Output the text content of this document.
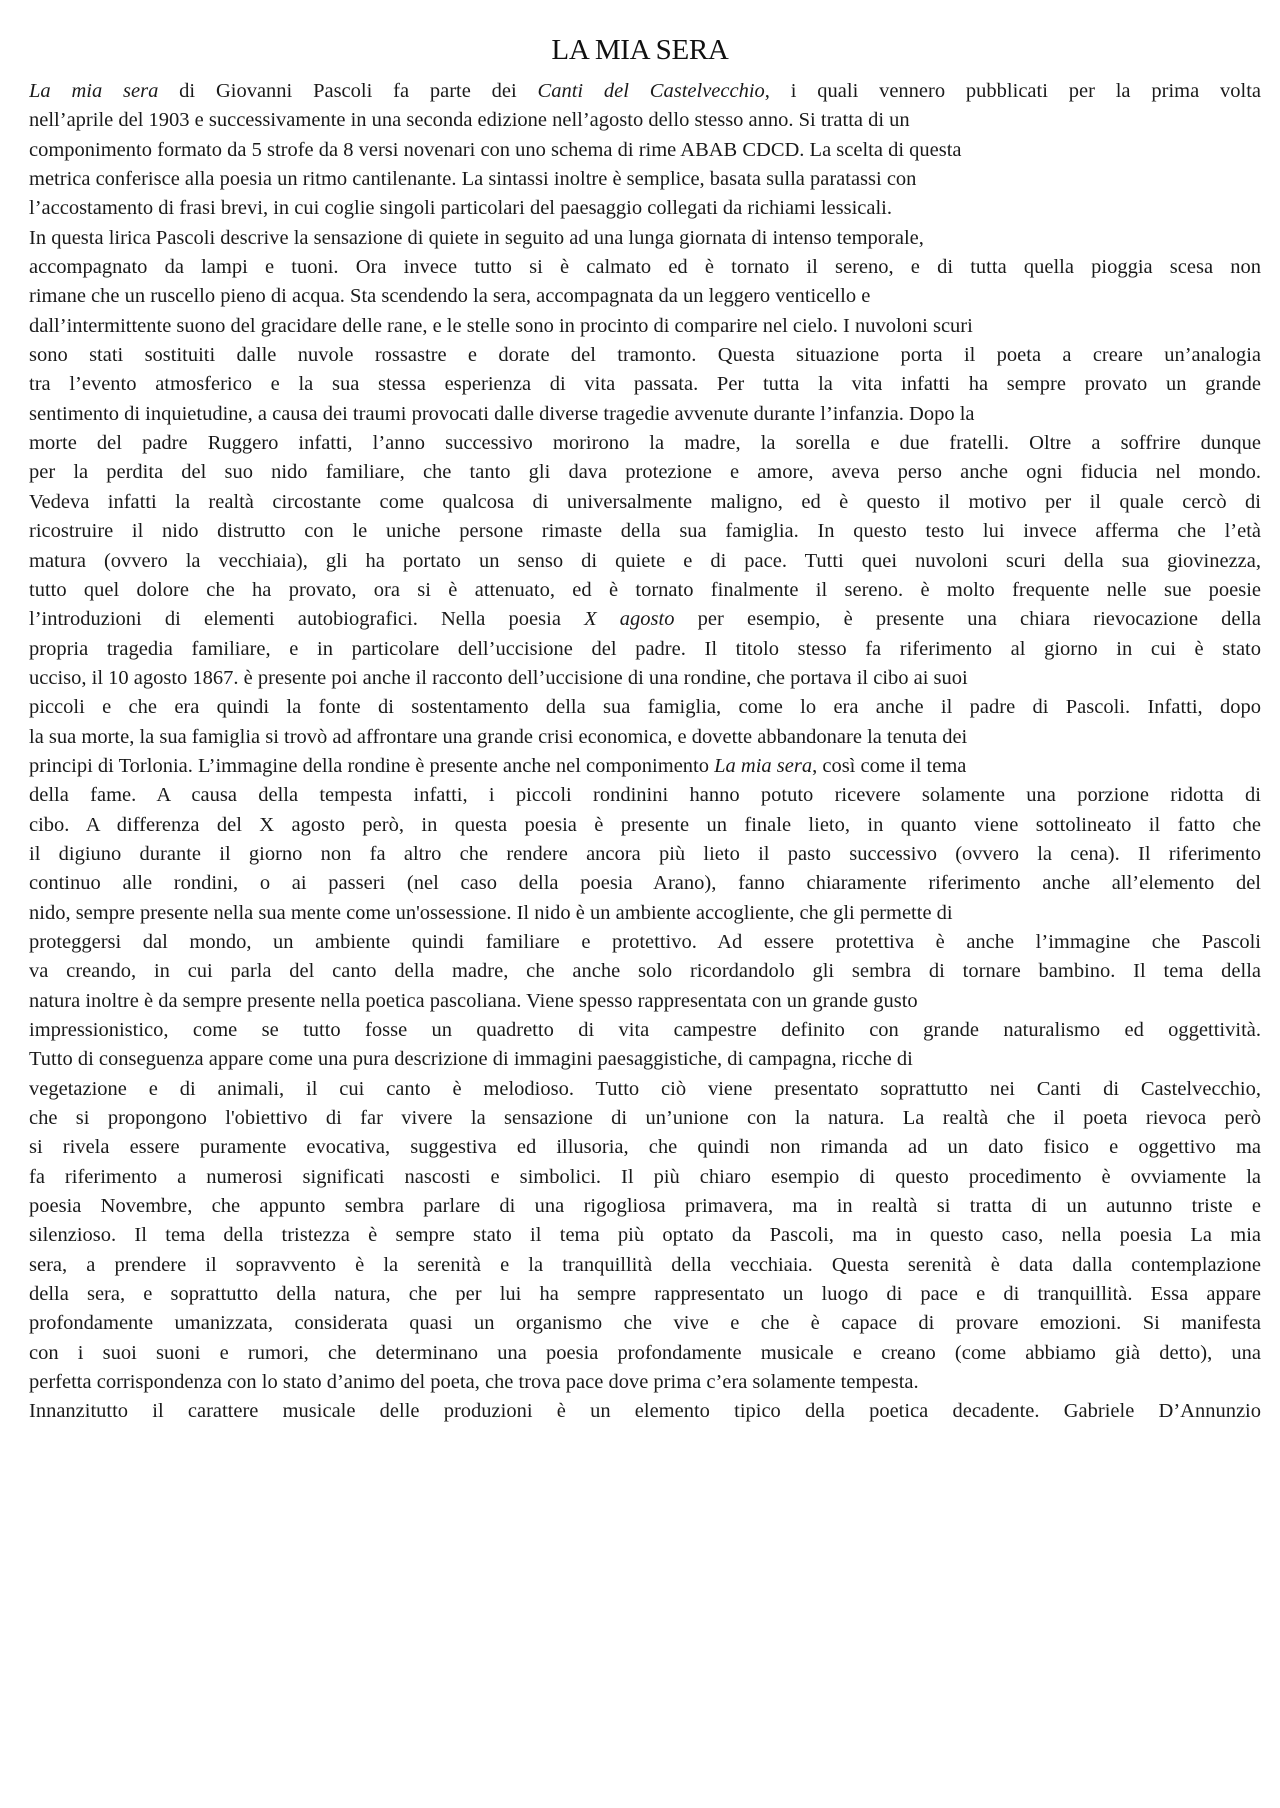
LA MIA SERA
La mia sera di Giovanni Pascoli fa parte dei Canti del Castelvecchio, i quali vennero pubblicati per la prima volta
nell’aprile del 1903 e successivamente in una seconda edizione nell’agosto dello stesso anno. Si tratta di un
componimento formato da 5 strofe da 8 versi novenari con uno schema di rime ABAB CDCD. La scelta di questa
metrica conferisce alla poesia un ritmo cantilenante. La sintassi inoltre è semplice, basata sulla paratassi con
l’accostamento di frasi brevi, in cui coglie singoli particolari del paesaggio collegati da richiami lessicali.
In questa lirica Pascoli descrive la sensazione di quiete in seguito ad una lunga giornata di intenso temporale,
accompagnato da lampi e tuoni. Ora invece tutto si è calmato ed è tornato il sereno, e di tutta quella pioggia scesa non
rimane che un ruscello pieno di acqua. Sta scendendo la sera, accompagnata da un leggero venticello e
dall’intermittente suono del gracidare delle rane, e le stelle sono in procinto di comparire nel cielo. I nuvoloni scuri
sono stati sostituiti dalle nuvole rossastre e dorate del tramonto. Questa situazione porta il poeta a creare un’analogia
tra l’evento atmosferico e la sua stessa esperienza di vita passata. Per tutta la vita infatti ha sempre provato un grande
sentimento di inquietudine, a causa dei traumi provocati dalle diverse tragedie avvenute durante l’infanzia. Dopo la
morte del padre Ruggero infatti, l’anno successivo morirono la madre, la sorella e due fratelli. Oltre a soffrire dunque
per la perdita del suo nido familiare, che tanto gli dava protezione e amore, aveva perso anche ogni fiducia nel mondo.
Vedeva infatti la realtà circostante come qualcosa di universalmente maligno, ed è questo il motivo per il quale cercò di
ricostruire il nido distrutto con le uniche persone rimaste della sua famiglia. In questo testo lui invece afferma che l’età
matura (ovvero la vecchiaia), gli ha portato un senso di quiete e di pace. Tutti quei nuvoloni scuri della sua giovinezza,
tutto quel dolore che ha provato, ora si è attenuato, ed è tornato finalmente il sereno. è molto frequente nelle sue poesie
l’introduzioni di elementi autobiografici. Nella poesia X agosto per esempio, è presente una chiara rievocazione della
propria tragedia familiare, e in particolare dell’uccisione del padre. Il titolo stesso fa riferimento al giorno in cui è stato
ucciso, il 10 agosto 1867. è presente poi anche il racconto dell’uccisione di una rondine, che portava il cibo ai suoi
piccoli e che era quindi la fonte di sostentamento della sua famiglia, come lo era anche il padre di Pascoli. Infatti, dopo
la sua morte, la sua famiglia si trovò ad affrontare una grande crisi economica, e dovette abbandonare la tenuta dei
principi di Torlonia. L’immagine della rondine è presente anche nel componimento La mia sera, così come il tema
della fame. A causa della tempesta infatti, i piccoli rondinini hanno potuto ricevere solamente una porzione ridotta di
cibo. A differenza del X agosto però, in questa poesia è presente un finale lieto, in quanto viene sottolineato il fatto che
il digiuno durante il giorno non fa altro che rendere ancora più lieto il pasto successivo (ovvero la cena). Il riferimento
continuo alle rondini, o ai passeri (nel caso della poesia Arano), fanno chiaramente riferimento anche all’elemento del
nido, sempre presente nella sua mente come un'ossessione. Il nido è un ambiente accogliente, che gli permette di
proteggersi dal mondo, un ambiente quindi familiare e protettivo. Ad essere protettiva è anche l’immagine che Pascoli
va creando, in cui parla del canto della madre, che anche solo ricordandolo gli sembra di tornare bambino. Il tema della
natura inoltre è da sempre presente nella poetica pascoliana. Viene spesso rappresentata con un grande gusto
impressionistico, come se tutto fosse un quadretto di vita campestre definito con grande naturalismo ed oggettività.
Tutto di conseguenza appare come una pura descrizione di immagini paesaggistiche, di campagna, ricche di
vegetazione e di animali, il cui canto è melodioso. Tutto ciò viene presentato soprattutto nei Canti di Castelvecchio,
che si propongono l'obiettivo di far vivere la sensazione di un’unione con la natura. La realtà che il poeta rievoca però
si rivela essere puramente evocativa, suggestiva ed illusoria, che quindi non rimanda ad un dato fisico e oggettivo ma
fa riferimento a numerosi significati nascosti e simbolici. Il più chiaro esempio di questo procedimento è ovviamente la
poesia Novembre, che appunto sembra parlare di una rigogliosa primavera, ma in realtà si tratta di un autunno triste e
silenzioso. Il tema della tristezza è sempre stato il tema più optato da Pascoli, ma in questo caso, nella poesia La mia
sera, a prendere il sopravvento è la serenità e la tranquillità della vecchiaia. Questa serenità è data dalla contemplazione
della sera, e soprattutto della natura, che per lui ha sempre rappresentato un luogo di pace e di tranquillità. Essa appare
profondamente umanizzata, considerata quasi un organismo che vive e che è capace di provare emozioni. Si manifesta
con i suoi suoni e rumori, che determinano una poesia profondamente musicale e creano (come abbiamo già detto), una
perfetta corrispondenza con lo stato d’animo del poeta, che trova pace dove prima c’era solamente tempesta.
Innanzitutto il carattere musicale delle produzioni è un elemento tipico della poetica decadente. Gabriele D’Annunzio
